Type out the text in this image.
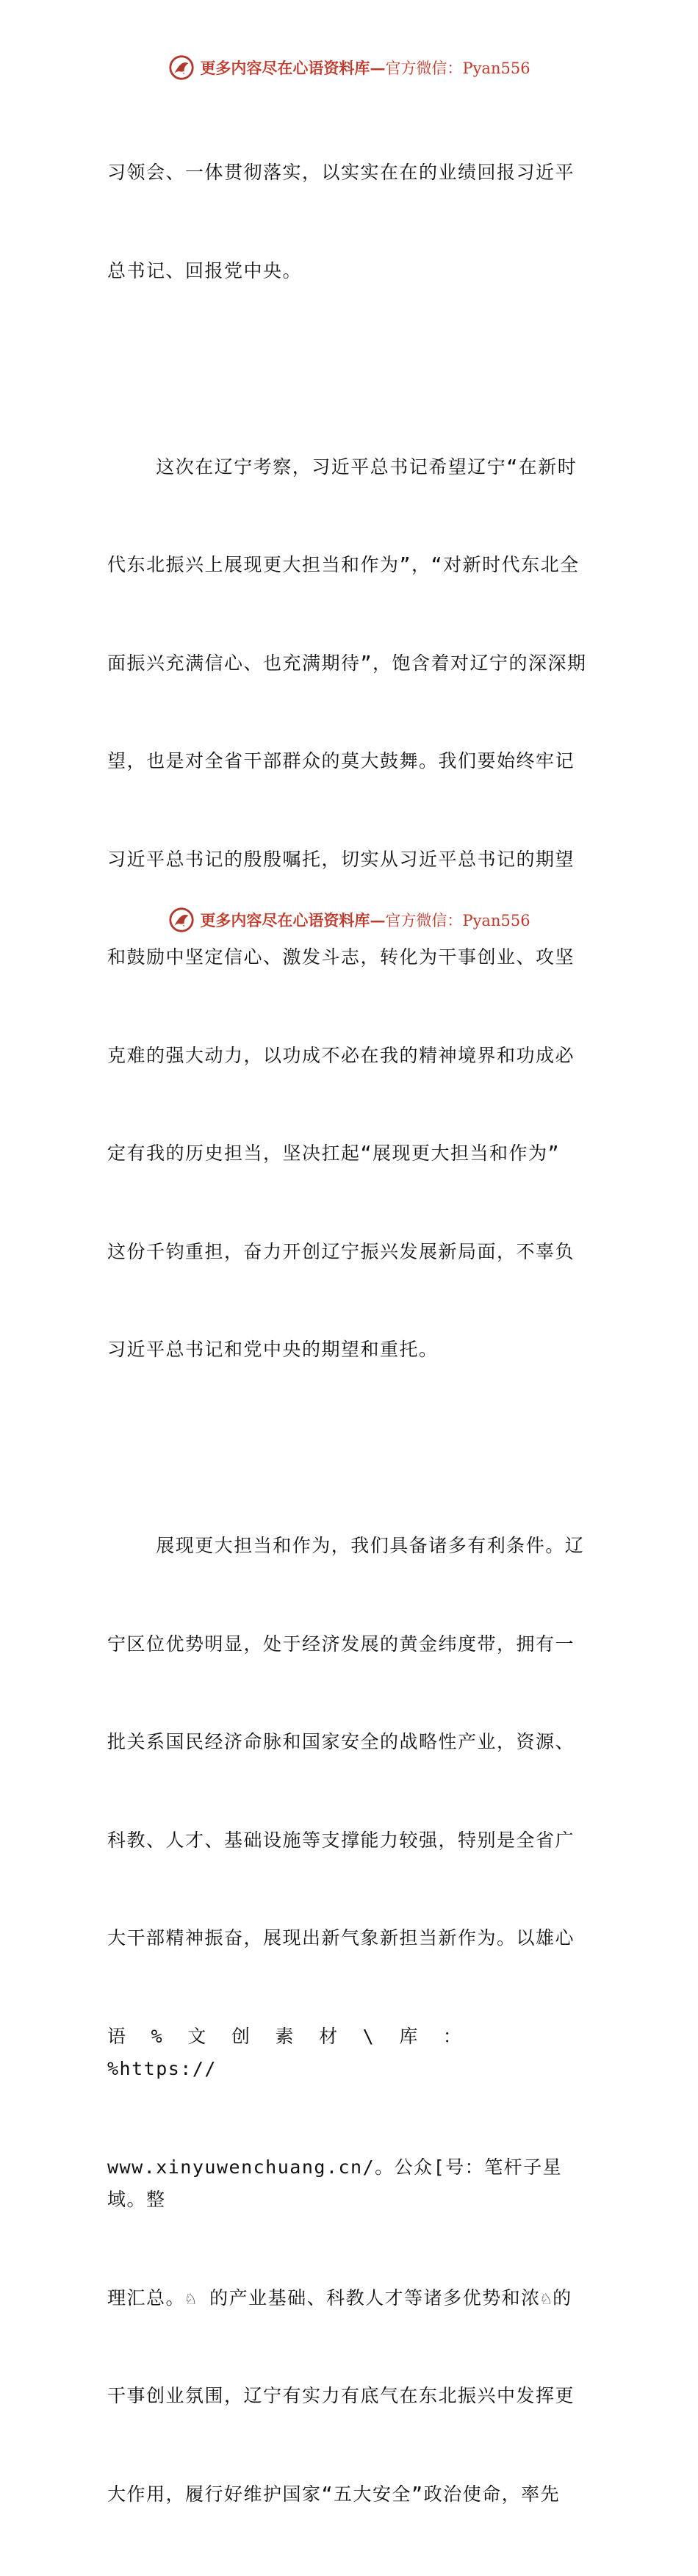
更多内容尽在心语资料库—官方微信：Pyan556

习领会、一体贯彻落实，以实实在在的业绩回报习近平

总书记、回报党中央。

这次在辽宁考察，习近平总书记希望辽宁“在新时

代东北振兴上展现更大担当和作为”，“对新时代东北全

面振兴充满信心、也充满期待”，饱含着对辽宁的深深期

望，也是对全省干部群众的莫大鼓舞。我们要始终牢记

习近平总书记的殷殷嘱托，切实从习近平总书记的期望

和鼓励中坚定信心、激发斗志，转化为干事创业、攻坚

克难的强大动力，以功成不必在我的精神境界和功成必

定有我的历史担当，坚决扛起“展现更大担当和作为”

这份千钧重担，奋力开创辽宁振兴发展新局面，不辜负

习近平总书记和党中央的期望和重托。

展现更大担当和作为，我们具备诸多有利条件。辽

宁区位优势明显，处于经济发展的黄金纬度带，拥有一

批关系国民经济命脉和国家安全的战略性产业，资源、

科教、人才、基础设施等支撑能力较强，特别是全省广

大干部精神振奋，展现出新气象新担当新作为。以雄心

语  %  文  创  素  材  \  库  ：  %https://

www.xinyuwenchuang.cn/。公众[号：笔杆子星域。整

理汇总。♘ 的产业基础、科教人才等诸多优势和浓♘的

干事创业氛围，辽宁有实力有底气在东北振兴中发挥更

大作用，履行好维护国家“五大安全”政治使命，率先

更多内容尽在心语资料库—官方微信：Pyan556
